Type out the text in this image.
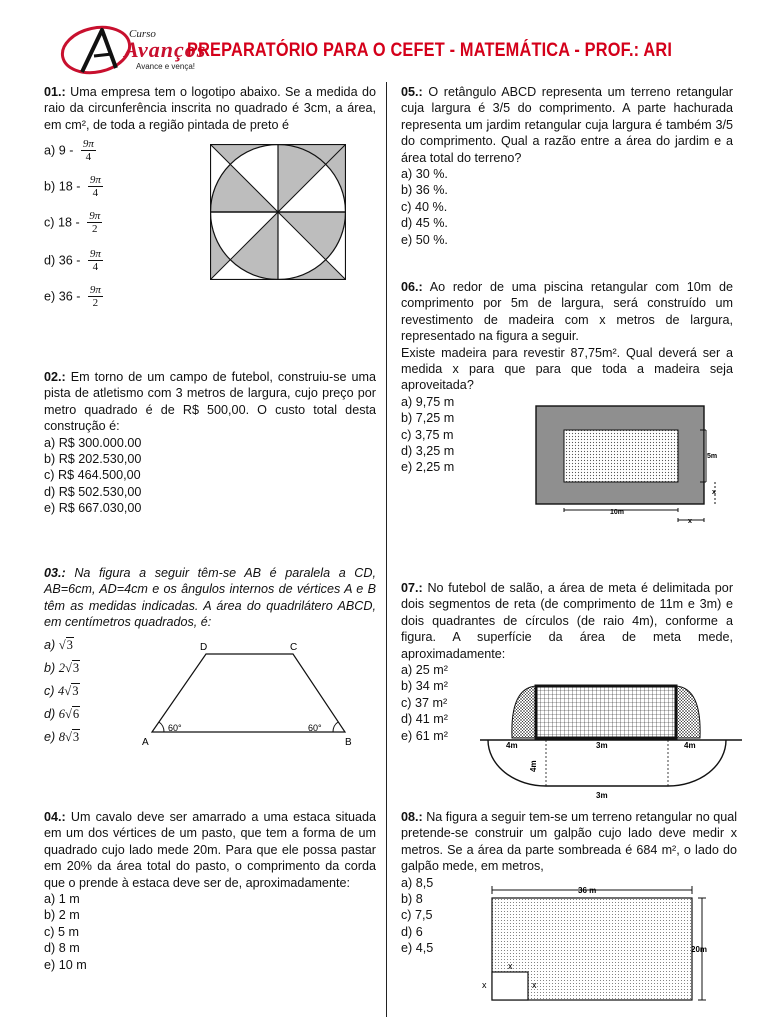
Curso
Avanços
Avance e vença!
PREPARATÓRIO PARA O CEFET - MATEMÁTICA - PROF.: ARI

01.: Uma empresa tem o logotipo abaixo. Se a medida do raio da circunferência inscrita no quadrado é 3cm, a área, em cm², de toda a região pintada de preto é

a) $9 - \frac{9\pi}{4}$
b) $18 - \frac{9\pi}{4}$
c) $18 - \frac{9\pi}{2}$
d) $36 - \frac{9\pi}{4}$
e) $36 - \frac{9\pi}{2}$

02.: Em torno de um campo de futebol, construiu-se uma pista de atletismo com 3 metros de largura, cujo preço por metro quadrado é de R$ 500,00. O custo total desta construção é:

a) R$ 300.000.00
b) R$ 202.530,00
c) R$ 464.500,00
d) R$ 502.530,00
e) R$ 667.030,00

03.: Na figura a seguir têm-se AB é paralela a CD, AB=6cm, AD=4cm e os ângulos internos de vértices A e B têm as medidas indicadas. A área do quadrilátero ABCD, em centímetros quadrados, é:

a) √3
b) 2√3
c) 4√3
d) 6√6
e) 8√3
60°	60°
A	B
C
D

04.: Um cavalo deve ser amarrado a uma estaca situada em um dos vértices de um pasto, que tem a forma de um quadrado cujo lado mede 20m. Para que ele possa pastar em 20% da área total do pasto, o comprimento da corda que o prende à estaca deve ser de, aproximadamente:

a) 1 m
b) 2 m
c) 5 m
d) 8 m
e) 10 m

05.: O retângulo ABCD representa um terreno retangular cuja largura é 3/5 do comprimento. A parte hachurada representa um jardim retangular cuja largura é também 3/5 do comprimento. Qual a razão entre a área do jardim e a área total do terreno?

a) 30 %.
b) 36 %.
c) 40 %.
d) 45 %.
e) 50 %.

06.: Ao redor de uma piscina retangular com 10m de comprimento por 5m de largura, será construído um revestimento de madeira com x metros de largura, representado na figura a seguir.

Existe madeira para revestir 87,75m². Qual deverá ser a medida x para que para que toda a madeira seja aproveitada?

a) 9,75 m
b) 7,25 m
c) 3,75 m
d) 3,25 m
e) 2,25 m
5m
x
10m
x

07.: No futebol de salão, a área de meta é delimitada por dois segmentos de reta (de comprimento de 11m e 3m) e dois quadrantes de círculos (de raio 4m), conforme a figura. A superfície da área de meta mede, aproximadamente:

a) 25 m²
b) 34 m²
c) 37 m²
d) 41 m²
e) 61 m²
4m	3m	4m
4m
3m

08.: Na figura a seguir tem-se um terreno retangular no qual pretende-se construir um galpão cujo lado deve medir x metros. Se a área da parte sombreada é 684 m², o lado do galpão mede, em metros,

a) 8,5
b) 8
c) 7,5
d) 6
e) 4,5
36 m
20m
x
x	x
